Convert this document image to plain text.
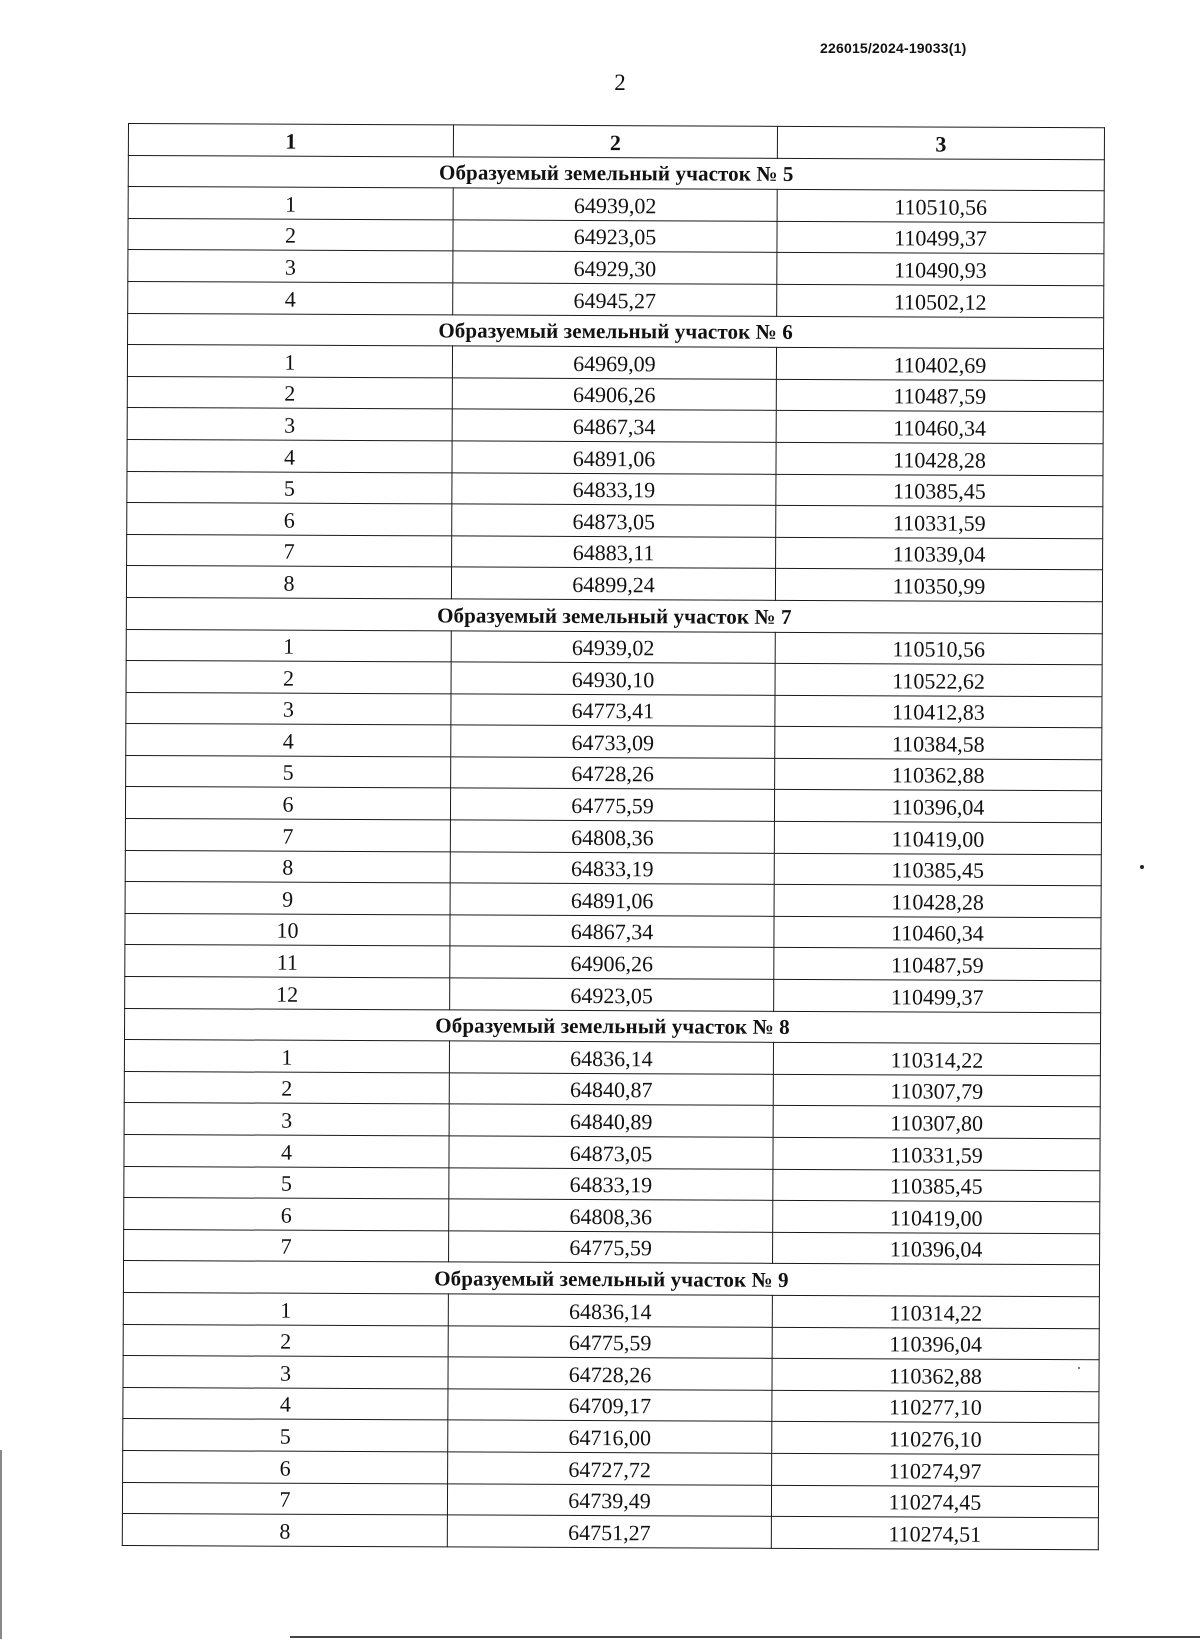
226015/2024-19033(1)
2
1	2	3
Образуемый земельный участок № 5		
1	64939,02	110510,56
2	64923,05	110499,37
3	64929,30	110490,93
4	64945,27	110502,12
Образуемый земельный участок № 6		
1	64969,09	110402,69
2	64906,26	110487,59
3	64867,34	110460,34
4	64891,06	110428,28
5	64833,19	110385,45
6	64873,05	110331,59
7	64883,11	110339,04
8	64899,24	110350,99
Образуемый земельный участок № 7		
1	64939,02	110510,56
2	64930,10	110522,62
3	64773,41	110412,83
4	64733,09	110384,58
5	64728,26	110362,88
6	64775,59	110396,04
7	64808,36	110419,00
8	64833,19	110385,45
9	64891,06	110428,28
10	64867,34	110460,34
11	64906,26	110487,59
12	64923,05	110499,37
Образуемый земельный участок № 8		
1	64836,14	110314,22
2	64840,87	110307,79
3	64840,89	110307,80
4	64873,05	110331,59
5	64833,19	110385,45
6	64808,36	110419,00
7	64775,59	110396,04
Образуемый земельный участок № 9		
1	64836,14	110314,22
2	64775,59	110396,04
3	64728,26	110362,88
4	64709,17	110277,10
5	64716,00	110276,10
6	64727,72	110274,97
7	64739,49	110274,45
8	64751,27	110274,51
